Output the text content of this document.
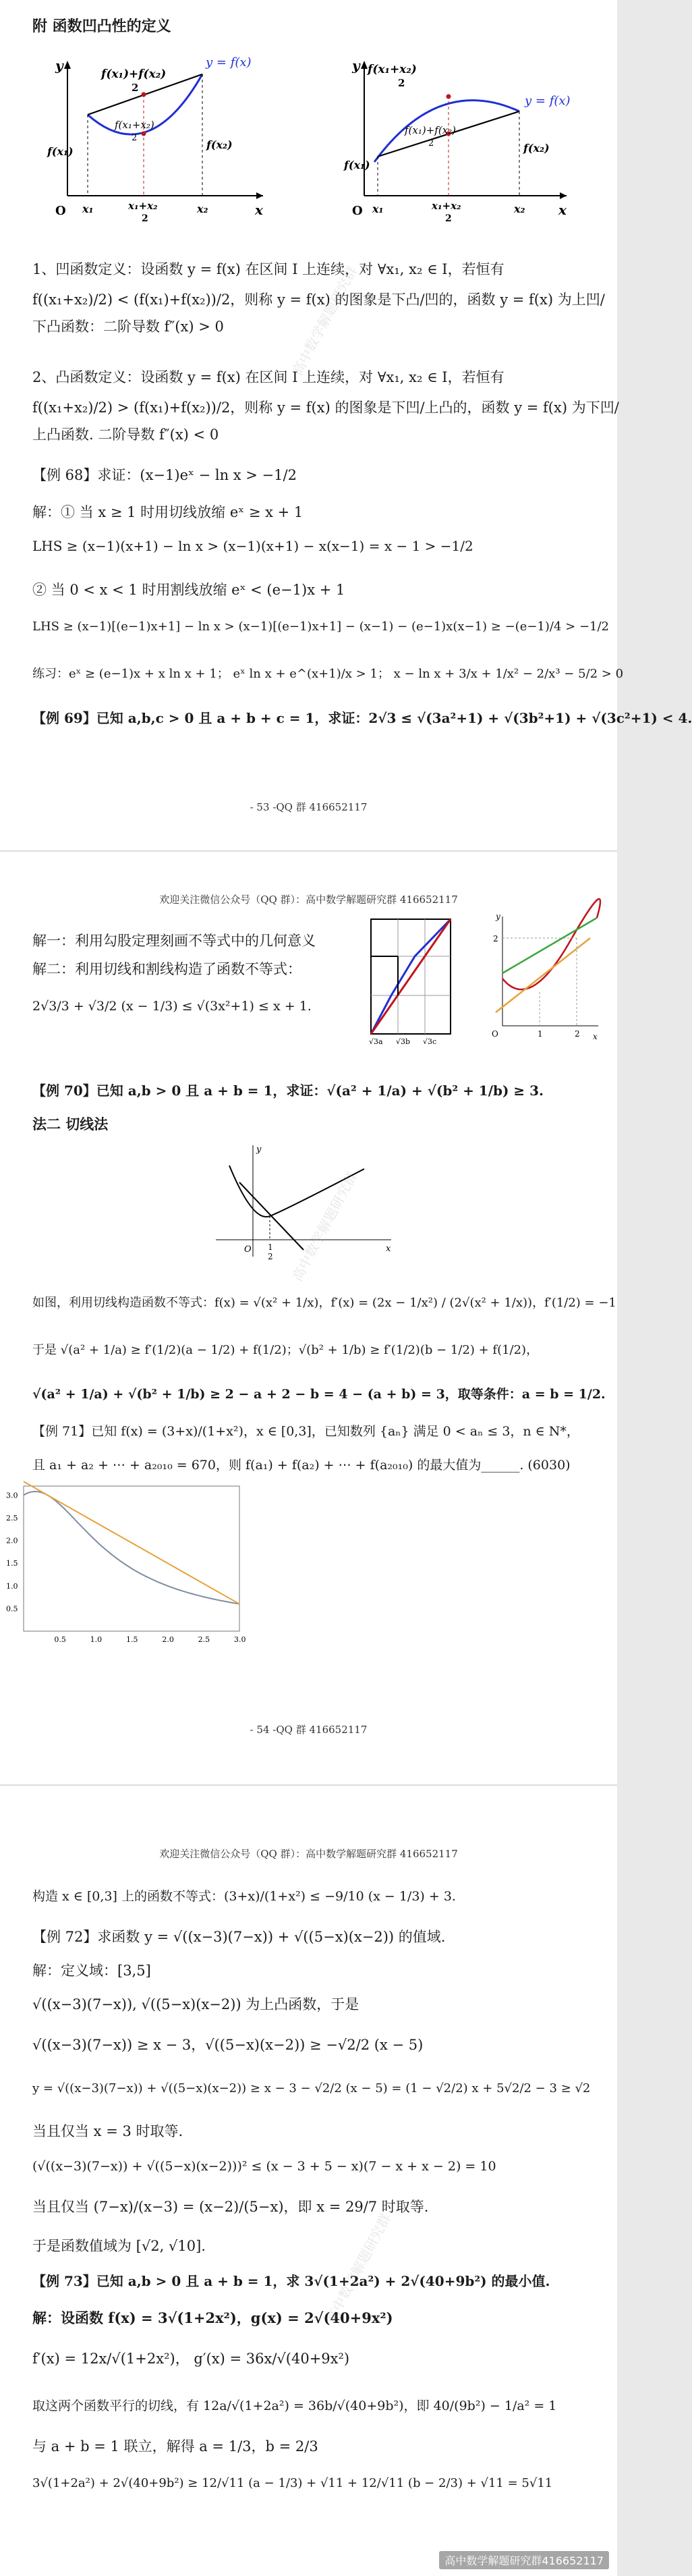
附 函数凹凸性的定义
y
x
O
y = f(x)
f(x₁)+f(x₂)
2
f(x₁+x₂)
2
f(x₁)
f(x₂)
x₁	x₁+x₂
2
x₂
y
x
O
y = f(x)
f(x₁+x₂)
2
f(x₁)+f(x₂)
2
f(x₁)
f(x₂)
x₁	x₁+x₂
2
x₂
1、凹函数定义：设函数 y = f(x) 在区间 I 上连续，对 ∀x₁, x₂ ∈ I，若恒有
f((x₁+x₂)/2) < (f(x₁)+f(x₂))/2，则称 y = f(x) 的图象是下凸/凹的，函数 y = f(x) 为上凹/
下凸函数：二阶导数 f″(x) > 0
2、凸函数定义：设函数 y = f(x) 在区间 I 上连续，对 ∀x₁, x₂ ∈ I，若恒有
f((x₁+x₂)/2) > (f(x₁)+f(x₂))/2，则称 y = f(x) 的图象是下凹/上凸的，函数 y = f(x) 为下凹/
上凸函数. 二阶导数 f″(x) < 0
【例 68】求证：(x−1)eˣ − ln x > −1/2
解：① 当 x ≥ 1 时用切线放缩 eˣ ≥ x + 1
LHS ≥ (x−1)(x+1) − ln x > (x−1)(x+1) − x(x−1) = x − 1 > −1/2
② 当 0 < x < 1 时用割线放缩 eˣ < (e−1)x + 1
LHS ≥ (x−1)[(e−1)x+1] − ln x > (x−1)[(e−1)x+1] − (x−1) − (e−1)x(x−1) ≥ −(e−1)/4 > −1/2
练习：eˣ ≥ (e−1)x + x ln x + 1； eˣ ln x + e^(x+1)/x > 1； x − ln x + 3/x + 1/x² − 2/x³ − 5/2 > 0
【例 69】已知 a,b,c > 0 且 a + b + c = 1，求证：2√3 ≤ √(3a²+1) + √(3b²+1) + √(3c²+1) < 4.
高中数学解题研究群
- 53 -QQ 群 416652117
欢迎关注微信公众号（QQ 群）：高中数学解题研究群 416652117
解一：利用勾股定理刻画不等式中的几何意义
解二：利用切线和割线构造了函数不等式：
2√3/3 + √3/2 (x − 1/3) ≤ √(3x²+1) ≤ x + 1.
√3a √3b √3c
O	1	2
2
x
y
【例 70】已知 a,b > 0 且 a + b = 1，求证：√(a² + 1/a) + √(b² + 1/b) ≥ 3.
法二 切线法
O 1
2
x
y
如图，利用切线构造函数不等式：f(x) = √(x² + 1/x)，f′(x) = (2x − 1/x²) / (2√(x² + 1/x))，f′(1/2) = −1
于是 √(a² + 1/a) ≥ f′(1/2)(a − 1/2) + f(1/2)；√(b² + 1/b) ≥ f′(1/2)(b − 1/2) + f(1/2)，
√(a² + 1/a) + √(b² + 1/b) ≥ 2 − a + 2 − b = 4 − (a + b) = 3，取等条件：a = b = 1/2.
【例 71】已知 f(x) = (3+x)/(1+x²)，x ∈ [0,3]，已知数列 {aₙ} 满足 0 < aₙ ≤ 3，n ∈ N*，
且 a₁ + a₂ + ⋯ + a₂₀₁₀ = 670，则 f(a₁) + f(a₂) + ⋯ + f(a₂₀₁₀) 的最大值为______. (6030)
0.5	1.0	1.5	2.0	2.5	3.0
0.5
1.0
1.5
2.0
2.5
3.0
高中数学解题研究群
- 54 -QQ 群 416652117
欢迎关注微信公众号（QQ 群）：高中数学解题研究群 416652117
构造 x ∈ [0,3] 上的函数不等式：(3+x)/(1+x²) ≤ −9/10 (x − 1/3) + 3.
【例 72】求函数 y = √((x−3)(7−x)) + √((5−x)(x−2)) 的值域.
解：定义域：[3,5]
√((x−3)(7−x)), √((5−x)(x−2)) 为上凸函数，于是
√((x−3)(7−x)) ≥ x − 3，√((5−x)(x−2)) ≥ −√2/2 (x − 5)
y = √((x−3)(7−x)) + √((5−x)(x−2)) ≥ x − 3 − √2/2 (x − 5) = (1 − √2/2) x + 5√2/2 − 3 ≥ √2
当且仅当 x = 3 时取等.
(√((x−3)(7−x)) + √((5−x)(x−2)))² ≤ (x − 3 + 5 − x)(7 − x + x − 2) = 10
当且仅当 (7−x)/(x−3) = (x−2)/(5−x)，即 x = 29/7 时取等.
于是函数值域为 [√2, √10].
【例 73】已知 a,b > 0 且 a + b = 1，求 3√(1+2a²) + 2√(40+9b²) 的最小值.
解：设函数 f(x) = 3√(1+2x²)，g(x) = 2√(40+9x²)
f′(x) = 12x/√(1+2x²)， g′(x) = 36x/√(40+9x²)
取这两个函数平行的切线，有 12a/√(1+2a²) = 36b/√(40+9b²)，即 40/(9b²) − 1/a² = 1
与 a + b = 1 联立，解得 a = 1/3，b = 2/3
3√(1+2a²) + 2√(40+9b²) ≥ 12/√11 (a − 1/3) + √11 + 12/√11 (b − 2/3) + √11 = 5√11
高中数学解题研究群
高中数学解题研究群416652117
